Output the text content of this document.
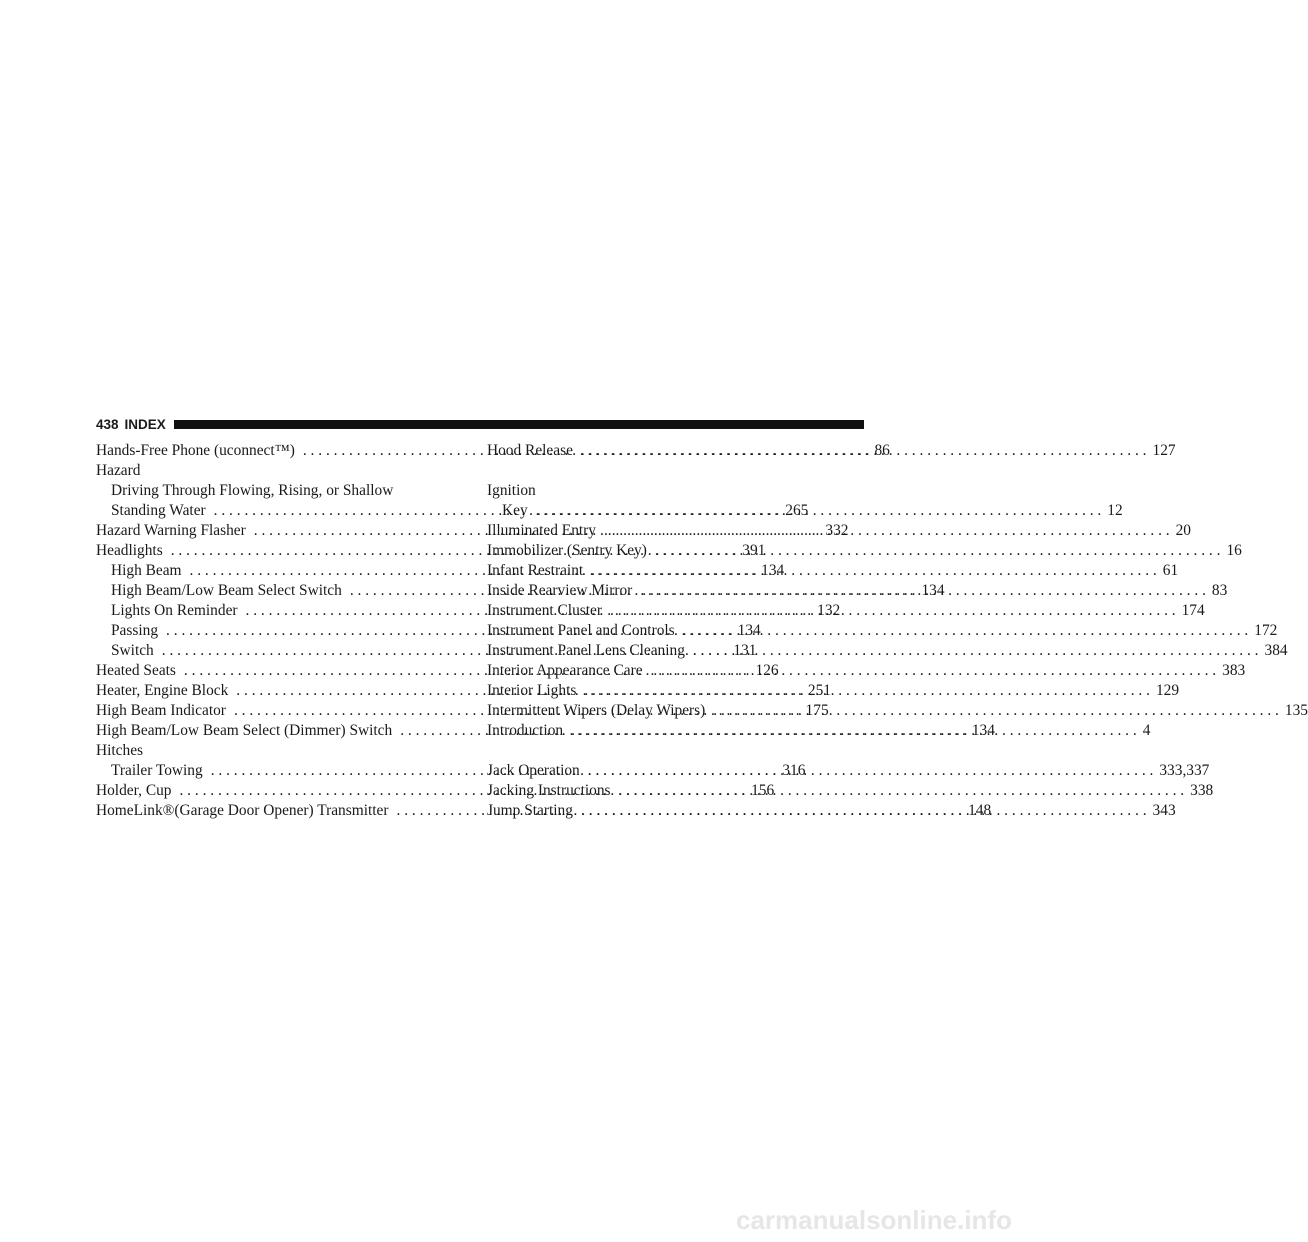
438 INDEX
Hands-Free Phone (uconnect™) . . .	86
Hazard
Driving Through Flowing, Rising, or Shallow
Standing Water . . .	265
Hazard Warning Flasher . . .	332
Headlights . . .	391
High Beam . . .	134
High Beam/Low Beam Select Switch . . .	134
Lights On Reminder . . .	132
Passing . . .	134
Switch . . .	131
Heated Seats . . .	126
Heater, Engine Block . . .	251
High Beam Indicator . . .	175
High Beam/Low Beam Select (Dimmer) Switch . . .	134
Hitches
Trailer Towing . . .	316
Holder, Cup . . .	156
HomeLink®(Garage Door Opener) Transmitter . . .	148
Hood Release . . .	127
Ignition
Key . . .	12
Illuminated Entry . . .	20
Immobilizer (Sentry Key) . . .	16
Infant Restraint . . .	61
Inside Rearview Mirror . . .	83
Instrument Cluster . . .	174
Instrument Panel and Controls . . .	172
Instrument Panel Lens Cleaning . . .	384
Interior Appearance Care . . .	383
Interior Lights . . .	129
Intermittent Wipers (Delay Wipers) . . .	135
Introduction . . .	4
Jack Operation . . .	333,337
Jacking Instructions . . .	338
Jump Starting . . .	343
carmanualsonline.info
